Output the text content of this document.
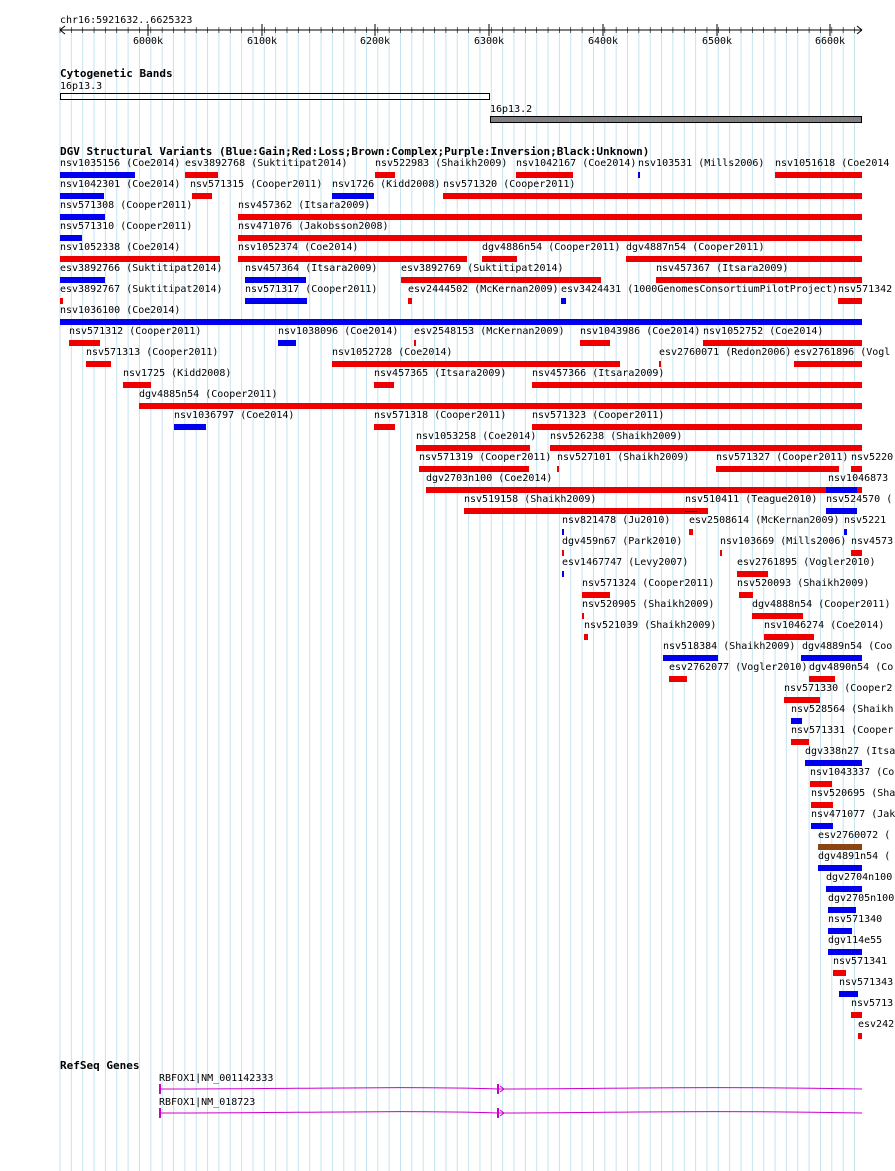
6000k	6100k	6200k	6300k	6400k	6500k	6600k
chr16:5921632..6625323
Cytogenetic Bands
16p13.3
16p13.2
DGV Structural Variants (Blue:Gain;Red:Loss;Brown:Complex;Purple:Inversion;Black:Unknown)
nsv1035156 (Coe2014) esv3892768 (Suktitipat2014)	nsv522983 (Shaikh2009) nsv1042167 (Coe2014) nsv103531 (Mills2006) nsv1051618 (Coe2014
nsv1042301 (Coe2014) nsv571315 (Cooper2011) nsv1726 (Kidd2008) nsv571320 (Cooper2011)
nsv571308 (Cooper2011)	nsv457362 (Itsara2009)
nsv571310 (Cooper2011)	nsv471076 (Jakobsson2008)
nsv1052338 (Coe2014)	nsv1052374 (Coe2014)	dgv4886n54 (Cooper2011) dgv4887n54 (Cooper2011)
esv3892766 (Suktitipat2014) nsv457364 (Itsara2009) esv3892769 (Suktitipat2014)	nsv457367 (Itsara2009)
esv3892767 (Suktitipat2014) nsv571317 (Cooper2011)	esv2444502 (McKernan2009) esv3424431 (1000GenomesConsortiumPilotProject) nsv571342
nsv1036100 (Coe2014)
nsv571312 (Cooper2011)	nsv1038096 (Coe2014) esv2548153 (McKernan2009) nsv1043986 (Coe2014) nsv1052752 (Coe2014)
nsv571313 (Cooper2011)	nsv1052728 (Coe2014)	esv2760071 (Redon2006) esv2761896 (Vogl
nsv1725 (Kidd2008)	nsv457365 (Itsara2009)	nsv457366 (Itsara2009)
dgv4885n54 (Cooper2011)
nsv1036797 (Coe2014)	nsv571318 (Cooper2011)	nsv571323 (Cooper2011)
nsv1053258 (Coe2014) nsv526238 (Shaikh2009)
nsv571319 (Cooper2011) nsv527101 (Shaikh2009)	nsv571327 (Cooper2011) nsv5220
dgv2703n100 (Coe2014)	nsv1046873
nsv519158 (Shaikh2009)	nsv510411 (Teague2010) nsv524570 (
nsv821478 (Ju2010) esv2508614 (McKernan2009) nsv5221
dgv459n67 (Park2010)	nsv103669 (Mills2006) nsv4573
esv1467747 (Levy2007)	esv2761895 (Vogler2010)
nsv571324 (Cooper2011) nsv520093 (Shaikh2009)
nsv520905 (Shaikh2009)	dgv4888n54 (Cooper2011)
nsv521039 (Shaikh2009)	nsv1046274 (Coe2014)
nsv518384 (Shaikh2009) dgv4889n54 (Coo
esv2762077 (Vogler2010) dgv4890n54 (Co
nsv571330 (Cooper2
nsv528564 (Shaikh
nsv571331 (Cooper
dgv338n27 (Itsa
nsv1043337 (Co
nsv520695 (Sha
nsv471077 (Jak
esv2760072 (
dgv4891n54 (
dgv2704n100
dgv2705n100
nsv571340
dgv114e55
nsv571341
nsv571343
nsv5713
esv242
RefSeq Genes
RBFOX1|NM_001142333
RBFOX1|NM_018723
